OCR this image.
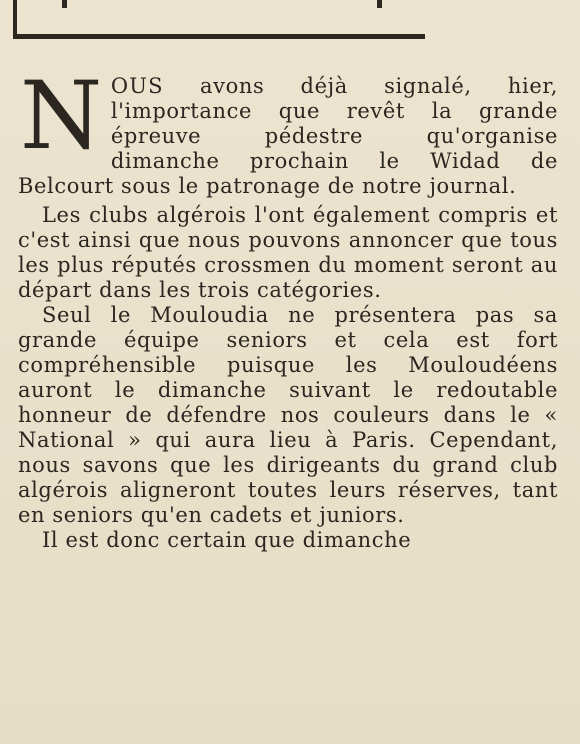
NOUS avons déjà signalé, hier, l'importance que revêt la grande épreuve pédestre qu'organise dimanche prochain le Widad de Belcourt sous le patronage de notre journal.

Les clubs algérois l'ont également compris et c'est ainsi que nous pouvons annoncer que tous les plus réputés crossmen du moment seront au départ dans les trois catégories.

Seul le Mouloudia ne présentera pas sa grande équipe seniors et cela est fort compréhensible puisque les Mouloudéens auront le dimanche suivant le redoutable honneur de défendre nos couleurs dans le « National » qui aura lieu à Paris. Cependant, nous savons que les dirigeants du grand club algérois aligneront toutes leurs réserves, tant en seniors qu'en cadets et juniors.

Il est donc certain que dimanche
